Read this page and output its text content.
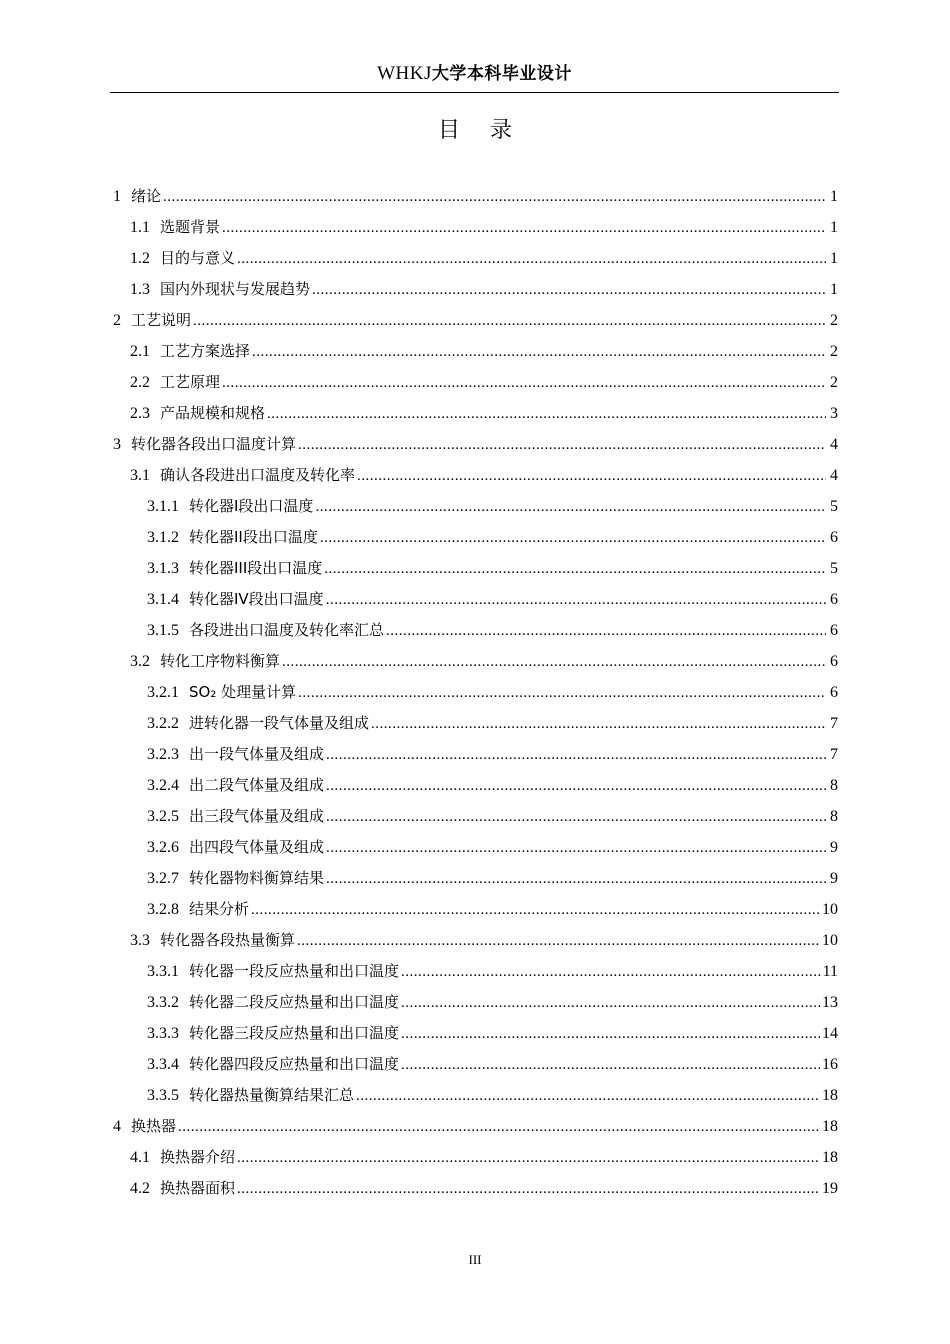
WHKJ大学本科毕业设计
目录
1 绪论 .....	1
1.1 选题背景 .....	1
1.2 目的与意义 .....	1
1.3 国内外现状与发展趋势 .....	1
2 工艺说明 .....	2
2.1 工艺方案选择 .....	2
2.2 工艺原理 .....	2
2.3 产品规模和规格 .....	3
3 转化器各段出口温度计算 .....	4
3.1 确认各段进出口温度及转化率 .....	4
3.1.1 转化器I段出口温度 .....	5
3.1.2 转化器II段出口温度 .....	6
3.1.3 转化器III段出口温度 .....	5
3.1.4 转化器IV段出口温度 .....	6
3.1.5 各段进出口温度及转化率汇总 .....	6
3.2 转化工序物料衡算 .....	6
3.2.1 SO₂ 处理量计算 .....	6
3.2.2 进转化器一段气体量及组成 .....	7
3.2.3 出一段气体量及组成 .....	7
3.2.4 出二段气体量及组成 .....	8
3.2.5 出三段气体量及组成 .....	8
3.2.6 出四段气体量及组成 .....	9
3.2.7 转化器物料衡算结果 .....	9
3.2.8 结果分析 .....	10
3.3 转化器各段热量衡算 .....	10
3.3.1 转化器一段反应热量和出口温度 .....	11
3.3.2 转化器二段反应热量和出口温度 .....	13
3.3.3 转化器三段反应热量和出口温度 .....	14
3.3.4 转化器四段反应热量和出口温度 .....	16
3.3.5 转化器热量衡算结果汇总 .....	18
4 换热器 .....	18
4.1 换热器介绍 .....	18
4.2 换热器面积 .....	19
III
